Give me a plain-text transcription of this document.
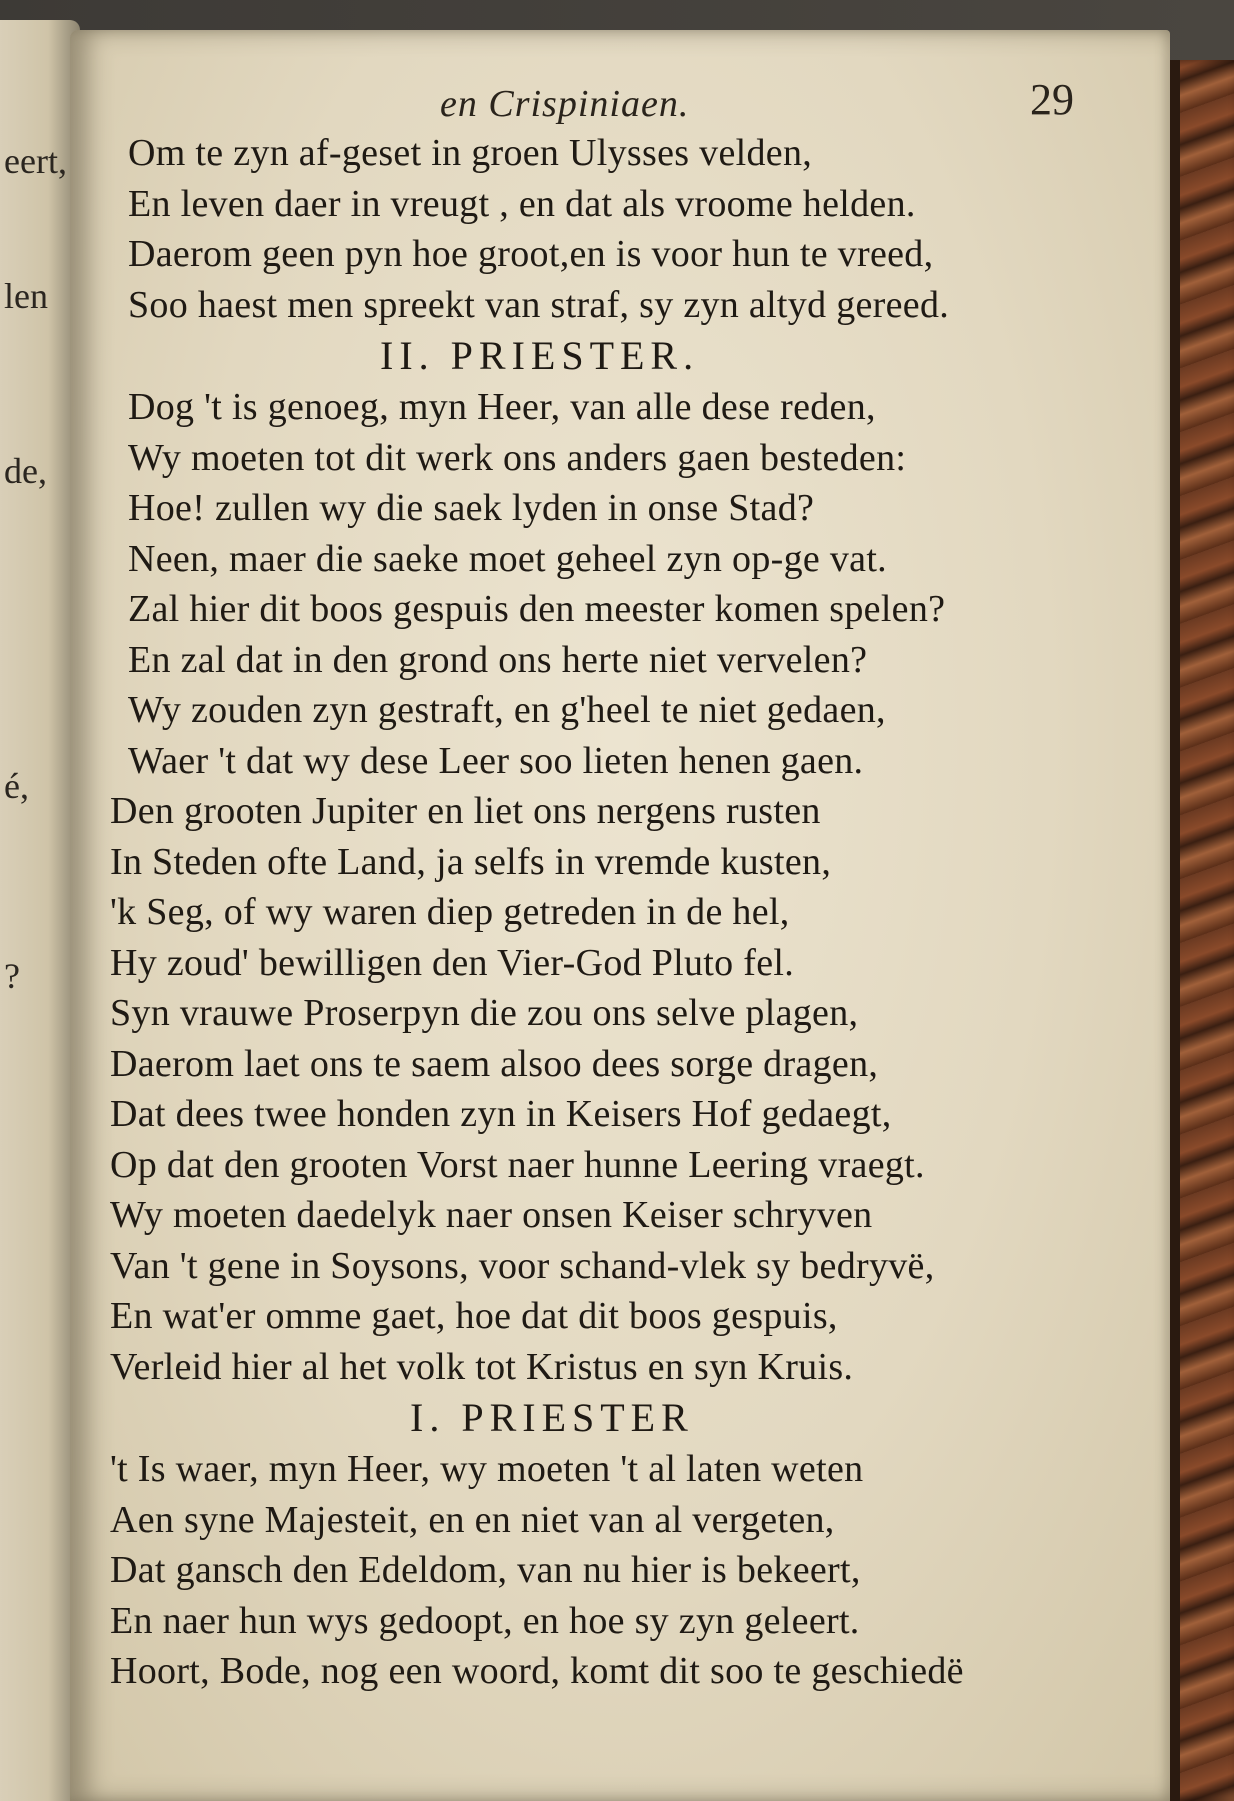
eert,
len
de,
é,
?
en Crispiniaen.	29
Om te zyn af-geset in groen Ulysses velden,
En leven daer in vreugt , en dat als vroome helden.
Daerom geen pyn hoe groot,en is voor hun te vreed,
Soo haest men spreekt van straf, sy zyn altyd gereed.
II. PRIESTER.
Dog 't is genoeg, myn Heer, van alle dese reden,
Wy moeten tot dit werk ons anders gaen besteden:
Hoe! zullen wy die saek lyden in onse Stad?
Neen, maer die saeke moet geheel zyn op-ge vat.
Zal hier dit boos gespuis den meester komen spelen?
En zal dat in den grond ons herte niet vervelen?
Wy zouden zyn gestraft, en g'heel te niet gedaen,
Waer 't dat wy dese Leer soo lieten henen gaen.
Den grooten Jupiter en liet ons nergens rusten
In Steden ofte Land, ja selfs in vremde kusten,
'k Seg, of wy waren diep getreden in de hel,
Hy zoud' bewilligen den Vier-God Pluto fel.
Syn vrauwe Proserpyn die zou ons selve plagen,
Daerom laet ons te saem alsoo dees sorge dragen,
Dat dees twee honden zyn in Keisers Hof gedaegt,
Op dat den grooten Vorst naer hunne Leering vraegt.
Wy moeten daedelyk naer onsen Keiser schryven
Van 't gene in Soysons, voor schand-vlek sy bedryvë,
En wat'er omme gaet, hoe dat dit boos gespuis,
Verleid hier al het volk tot Kristus en syn Kruis.
I. PRIESTER
't Is waer, myn Heer, wy moeten 't al laten weten
Aen syne Majesteit, en en niet van al vergeten,
Dat gansch den Edeldom, van nu hier is bekeert,
En naer hun wys gedoopt, en hoe sy zyn geleert.
Hoort, Bode, nog een woord, komt dit soo te geschiedë
